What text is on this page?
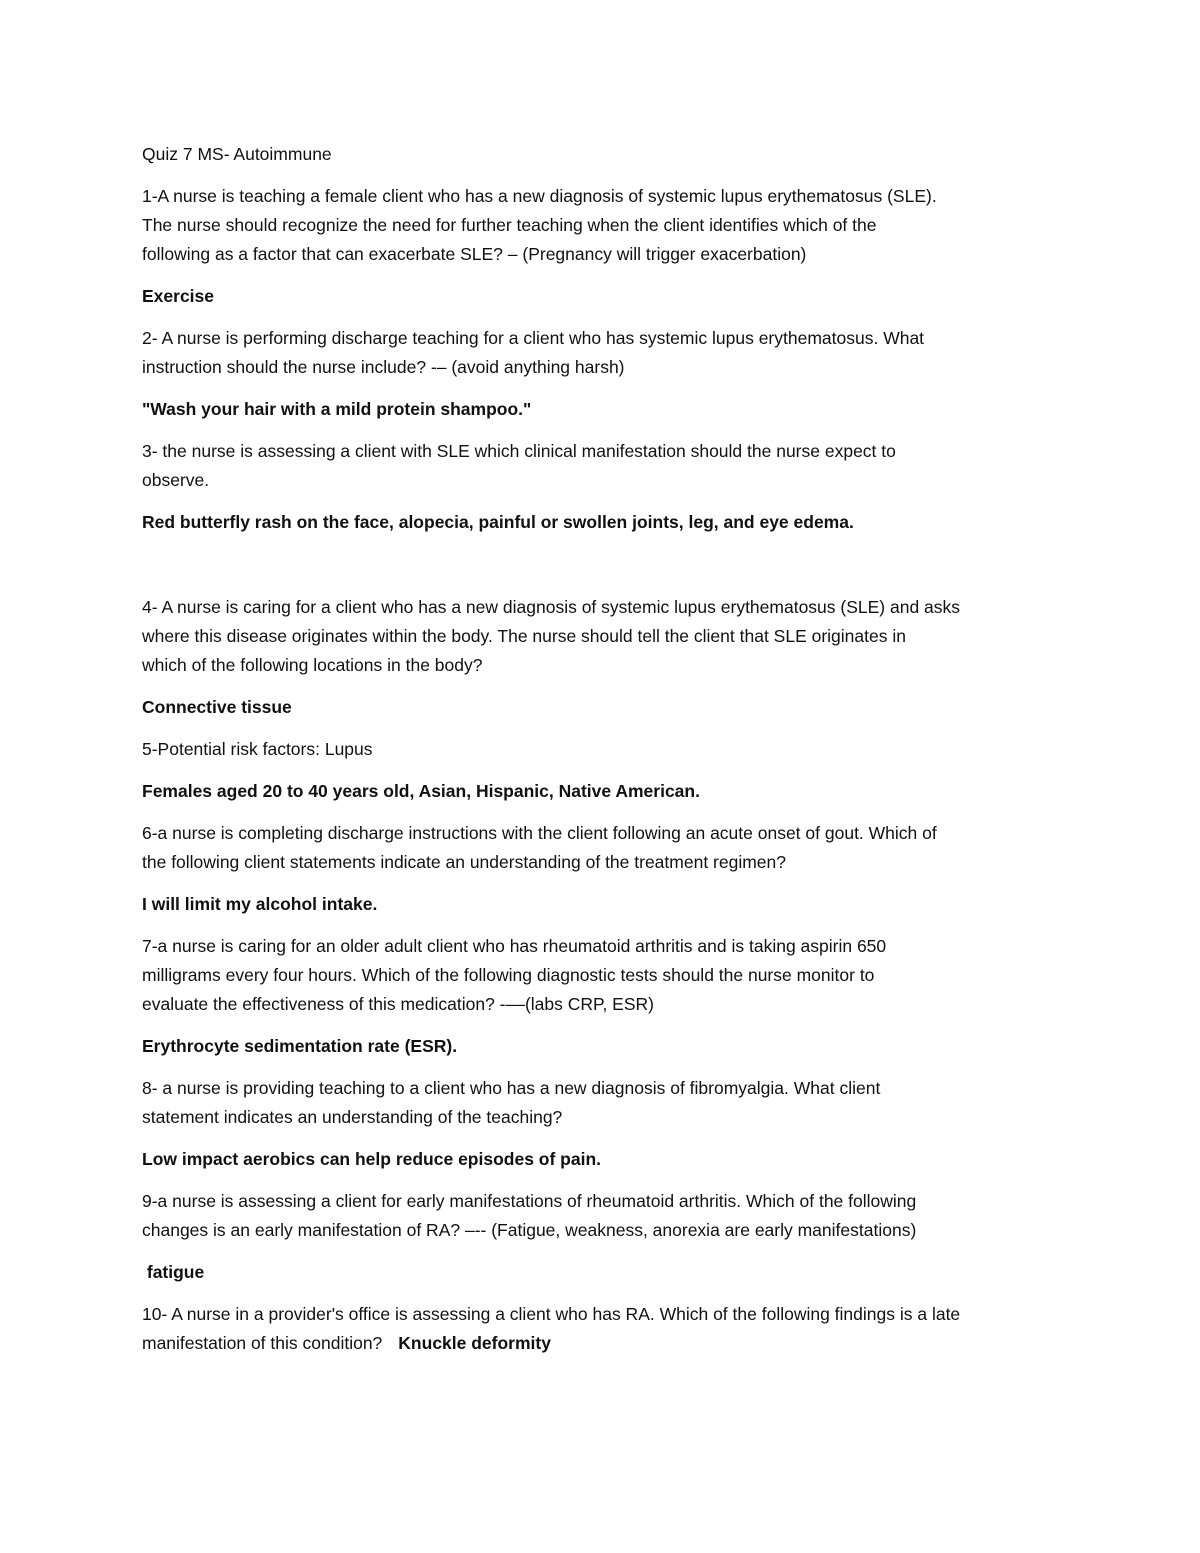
Quiz 7 MS- Autoimmune

1-A nurse is teaching a female client who has a new diagnosis of systemic lupus erythematosus (SLE).
The nurse should recognize the need for further teaching when the client identifies which of the
following as a factor that can exacerbate SLE? – (Pregnancy will trigger exacerbation)

Exercise

2- A nurse is performing discharge teaching for a client who has systemic lupus erythematosus. What
instruction should the nurse include? -– (avoid anything harsh)

"Wash your hair with a mild protein shampoo."

3- the nurse is assessing a client with SLE which clinical manifestation should the nurse expect to
observe.

Red butterfly rash on the face, alopecia, painful or swollen joints, leg, and eye edema.

4- A nurse is caring for a client who has a new diagnosis of systemic lupus erythematosus (SLE) and asks
where this disease originates within the body. The nurse should tell the client that SLE originates in
which of the following locations in the body?

Connective tissue

5-Potential risk factors: Lupus

Females aged 20 to 40 years old, Asian, Hispanic, Native American.

6-a nurse is completing discharge instructions with the client following an acute onset of gout. Which of
the following client statements indicate an understanding of the treatment regimen?

I will limit my alcohol intake.

7-a nurse is caring for an older adult client who has rheumatoid arthritis and is taking aspirin 650
milligrams every four hours. Which of the following diagnostic tests should the nurse monitor to
evaluate the effectiveness of this medication? -––(labs CRP, ESR)

Erythrocyte sedimentation rate (ESR).

8- a nurse is providing teaching to a client who has a new diagnosis of fibromyalgia. What client
statement indicates an understanding of the teaching?

Low impact aerobics can help reduce episodes of pain.

9-a nurse is assessing a client for early manifestations of rheumatoid arthritis. Which of the following
changes is an early manifestation of RA? –-- (Fatigue, weakness, anorexia are early manifestations)

fatigue

10- A nurse in a provider's office is assessing a client who has RA. Which of the following findings is a late
manifestation of this condition? Knuckle deformity
